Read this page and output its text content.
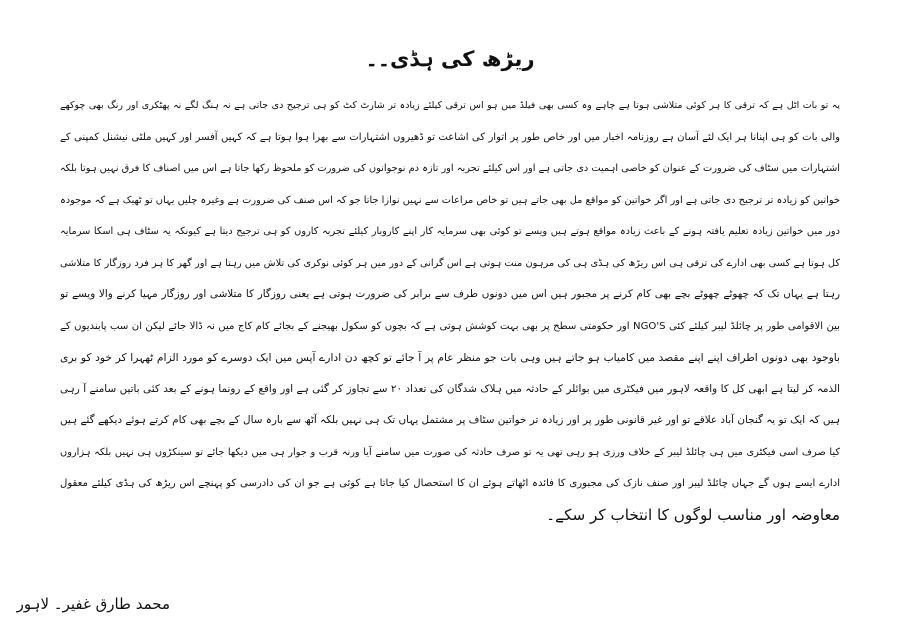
ریڑھ کی ہڈی۔۔
یہ تو بات اٹل ہے کہ ترقی کا ہر کوئی متلاشی ہوتا ہے چاہے وہ کسی بھی فیلڈ میں ہو اس ترقی کیلئے زیادہ تر شارٹ کٹ کو ہی ترجیح دی جاتی ہے نہ ہنگ لگے نہ پھٹکری اور رنگ بھی چوکھے
والی بات کو ہی اپنانا ہر ایک لئے آسان ہے روزنامہ اخبار میں اور خاص طور پر اتوار کی اشاعت تو ڈھیروں اشتہارات سے بھرا ہوا ہوتا ہے کہ کہیں آفسر اور کہیں ملٹی نیشنل کمپنی کے
اشتہارات میں سٹاف کی ضرورت کے عنوان کو خاصی اہمیت دی جاتی ہے اور اس کیلئے تجربہ اور تازہ دم نوجوانوں کی ضرورت کو ملحوظ رکھا جاتا ہے اس میں اصناف کا فرق نہیں ہوتا بلکہ
خواتین کو زیادہ تر ترجیح دی جاتی ہے اور اگر خواتین کو مواقع مل بھی جاتے ہیں تو خاص مراعات سے نہیں نوازا جاتا جو کہ اس صنف کی ضرورت ہے وغیرہ چلیں یہاں تو ٹھیک ہے کہ موجودہ
دور میں خواتین زیادہ تعلیم یافتہ ہونے کے باعث زیادہ مواقع ہوتے ہیں ویسے تو کوئی بھی سرمایہ کار اپنے کاروبار کیلئے تجربہ کاروں کو ہی ترجیح دیتا ہے کیونکہ یہ سٹاف ہی اسکا سرمایہ
کل ہوتا ہے کسی بھی ادارے کی ترقی ہی اس ریڑھ کی ہڈی ہی کی مرہون منت ہوتی ہے اس گرانی کے دور میں ہر کوئی نوکری کی تلاش میں رہتا ہے اور گھر کا ہر فرد روزگار کا متلاشی
رہتا ہے یہاں تک کہ چھوٹے چھوٹے بچے بھی کام کرنے پر مجبور ہیں اس میں دونوں طرف سے برابر کی ضرورت ہوتی ہے یعنی روزگار کا متلاشی اور روزگار مہیا کرنے والا ویسے تو
بین الاقوامی طور پر چائلڈ لیبر کیلئے کئی NGO'S اور حکومتی سطح پر بھی بہت کوشش ہوتی ہے کہ بچوں کو سکول بھیجنے کے بجائے کام کاج میں نہ ڈالا جائے لیکن ان سب پابندیوں کے
باوجود بھی دونوں اطراف اپنے اپنے مقصد میں کامیاب ہو جاتے ہیں وہی بات جو منظر عام پر آ جائے تو کچھ دن ادارے آپس میں ایک دوسرے کو مورد الزام ٹھہرا کر خود کو بری
الذمہ کر لیتا ہے ابھی کل کا واقعہ لاہور میں فیکٹری میں بوائلر کے حادثہ میں ہلاک شدگان کی تعداد ۲۰ سے تجاوز کر گئی ہے اور واقع کے رونما ہونے کے بعد کئی باتیں سامنے آ رہی
ہیں کہ ایک تو یہ گنجان آباد علاقے تو اور غیر قانونی طور پر اور زیادہ تر خواتین سٹاف پر مشتمل یہاں تک ہی نہیں بلکہ آٹھ سے بارہ سال کے بچے بھی کام کرتے ہوئے دیکھے گئے ہیں
کیا صرف اسی فیکٹری میں ہی چائلڈ لیبر کے خلاف ورزی ہو رہی تھی یہ تو صرف حادثہ کی صورت میں سامنے آیا ورنہ قرب و جوار ہی میں دیکھا جائے تو سینکڑوں ہی نہیں بلکہ ہزاروں
ادارے ایسے ہوں گے جہاں چائلڈ لیبر اور صنف نازک کی مجبوری کا فائدہ اٹھاتے ہوئے ان کا استحصال کیا جاتا ہے کوئی ہے جو ان کی دادرسی کو پہنچے اس ریڑھ کی ہڈی کیلئے معقول
معاوضہ اور مناسب لوگوں کا انتخاب کر سکے۔
محمد طارق غفیر۔ لاہور
